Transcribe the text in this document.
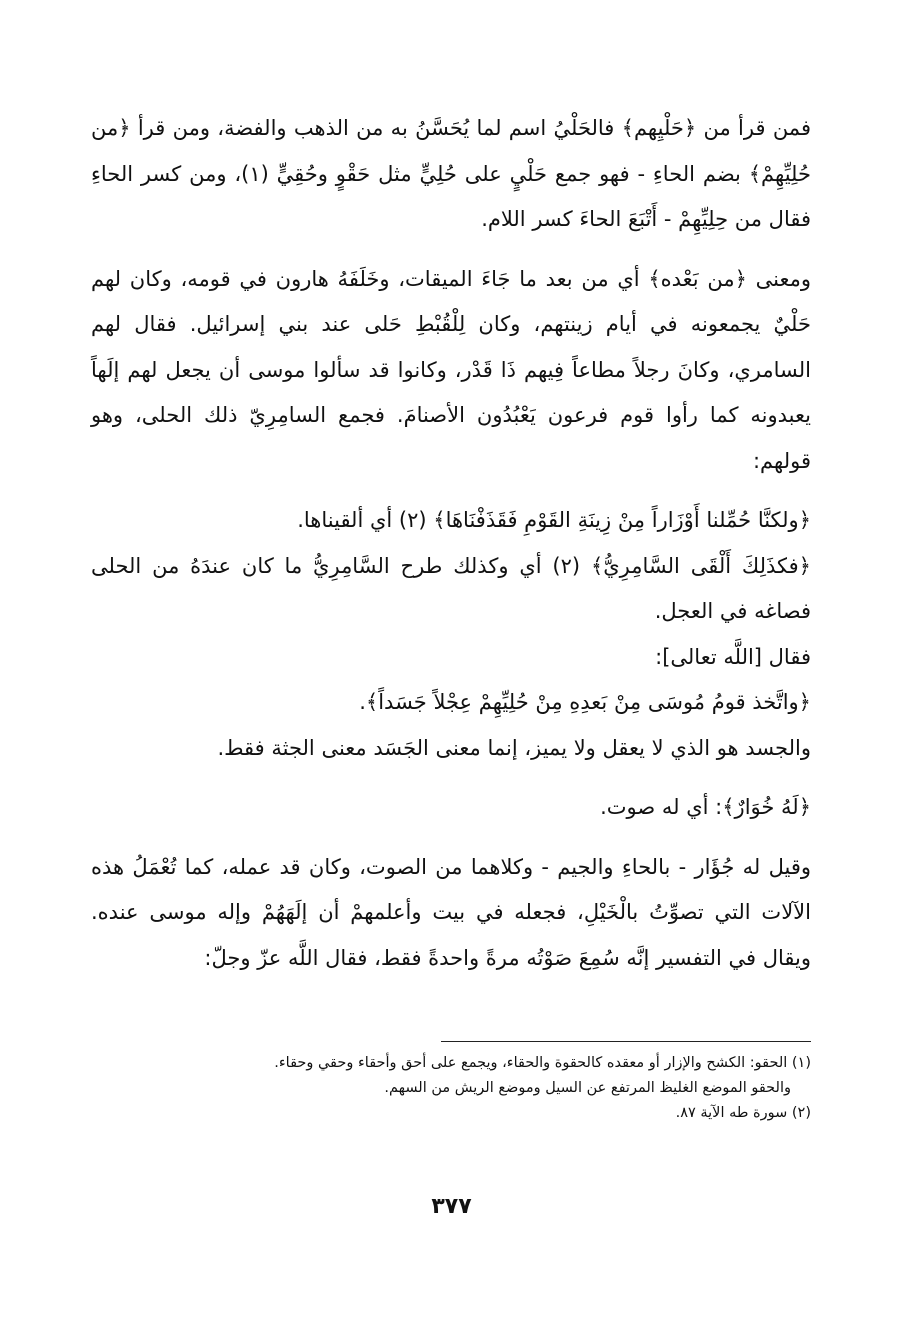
فمن قرأ من ﴿حَلْيِهم﴾ فالحَلْيُ اسم لما يُحَسَّنُ به من الذهب والفضة، ومن قرأ ﴿من حُلِيِّهِمْ﴾ بضم الحاءِ - فهو جمع حَلْيٍ على حُلِيٍّ مثل حَقْوٍ وحُقِيٍّ (١)، ومن كسر الحاءِ فقال من حِلِيِّهِمْ - أَتْبَعَ الحاءَ كسر اللام.

ومعنى ﴿من بَعْده﴾ أي من بعد ما جَاءَ الميقات، وخَلَفَهُ هارون في قومه، وكان لهم حَلْيٌ يجمعونه في أيام زينتهم، وكان لِلْقُبْطِ حَلى عند بني إسرائيل. فقال لهم السامري، وكانَ رجلاً مطاعاً فِيهم ذَا قَدْر، وكانوا قد سألوا موسى أن يجعل لهم إلَهاً يعبدونه كما رأوا قوم فرعون يَعْبُدُون الأصنامَ. فجمع السامِرِيّ ذلك الحلى، وهو قولهم:

﴿ولكنَّا حُمِّلنا أَوْزَاراً مِنْ زِينَةِ القَوْمِ فَقَذَفْنَاهَا﴾ (٢) أي ألقيناها.

﴿فكذَلِكَ أَلْقَى السَّامِرِيُّ﴾ (٢) أي وكذلك طرح السَّامِرِيُّ ما كان عندَهُ من الحلى فصاغه في العجل.

فقال [اللَّه تعالى]:

﴿واتَّخذ قومُ مُوسَى مِنْ بَعدِهِ مِنْ حُلِيِّهِمْ عِجْلاً جَسَداً﴾.

والجسد هو الذي لا يعقل ولا يميز، إنما معنى الجَسَد معنى الجثة فقط.

﴿لَهُ خُوَارٌ﴾: أي له صوت.

وقيل له جُؤَار - بالحاءِ والجيم - وكلاهما من الصوت، وكان قد عمله، كما تُعْمَلُ هذه الآلات التي تصوِّتُ بالْخَيْلِ، فجعله في بيت وأعلمهمْ أن إلَهَهُمْ وإله موسى عنده. ويقال في التفسير إنَّه سُمِعَ صَوْتُه مرةً واحدةً فقط، فقال اللَّه عزّ وجلّ:

(١) الحقو: الكشح والإزار أو معقده كالحقوة والحقاء، ويجمع على أحق وأحقاء وحقي وحقاء.

والحقو الموضع الغليظ المرتفع عن السيل وموضع الريش من السهم.

(٢) سورة طه الآية ٨٧.

٣٧٧
